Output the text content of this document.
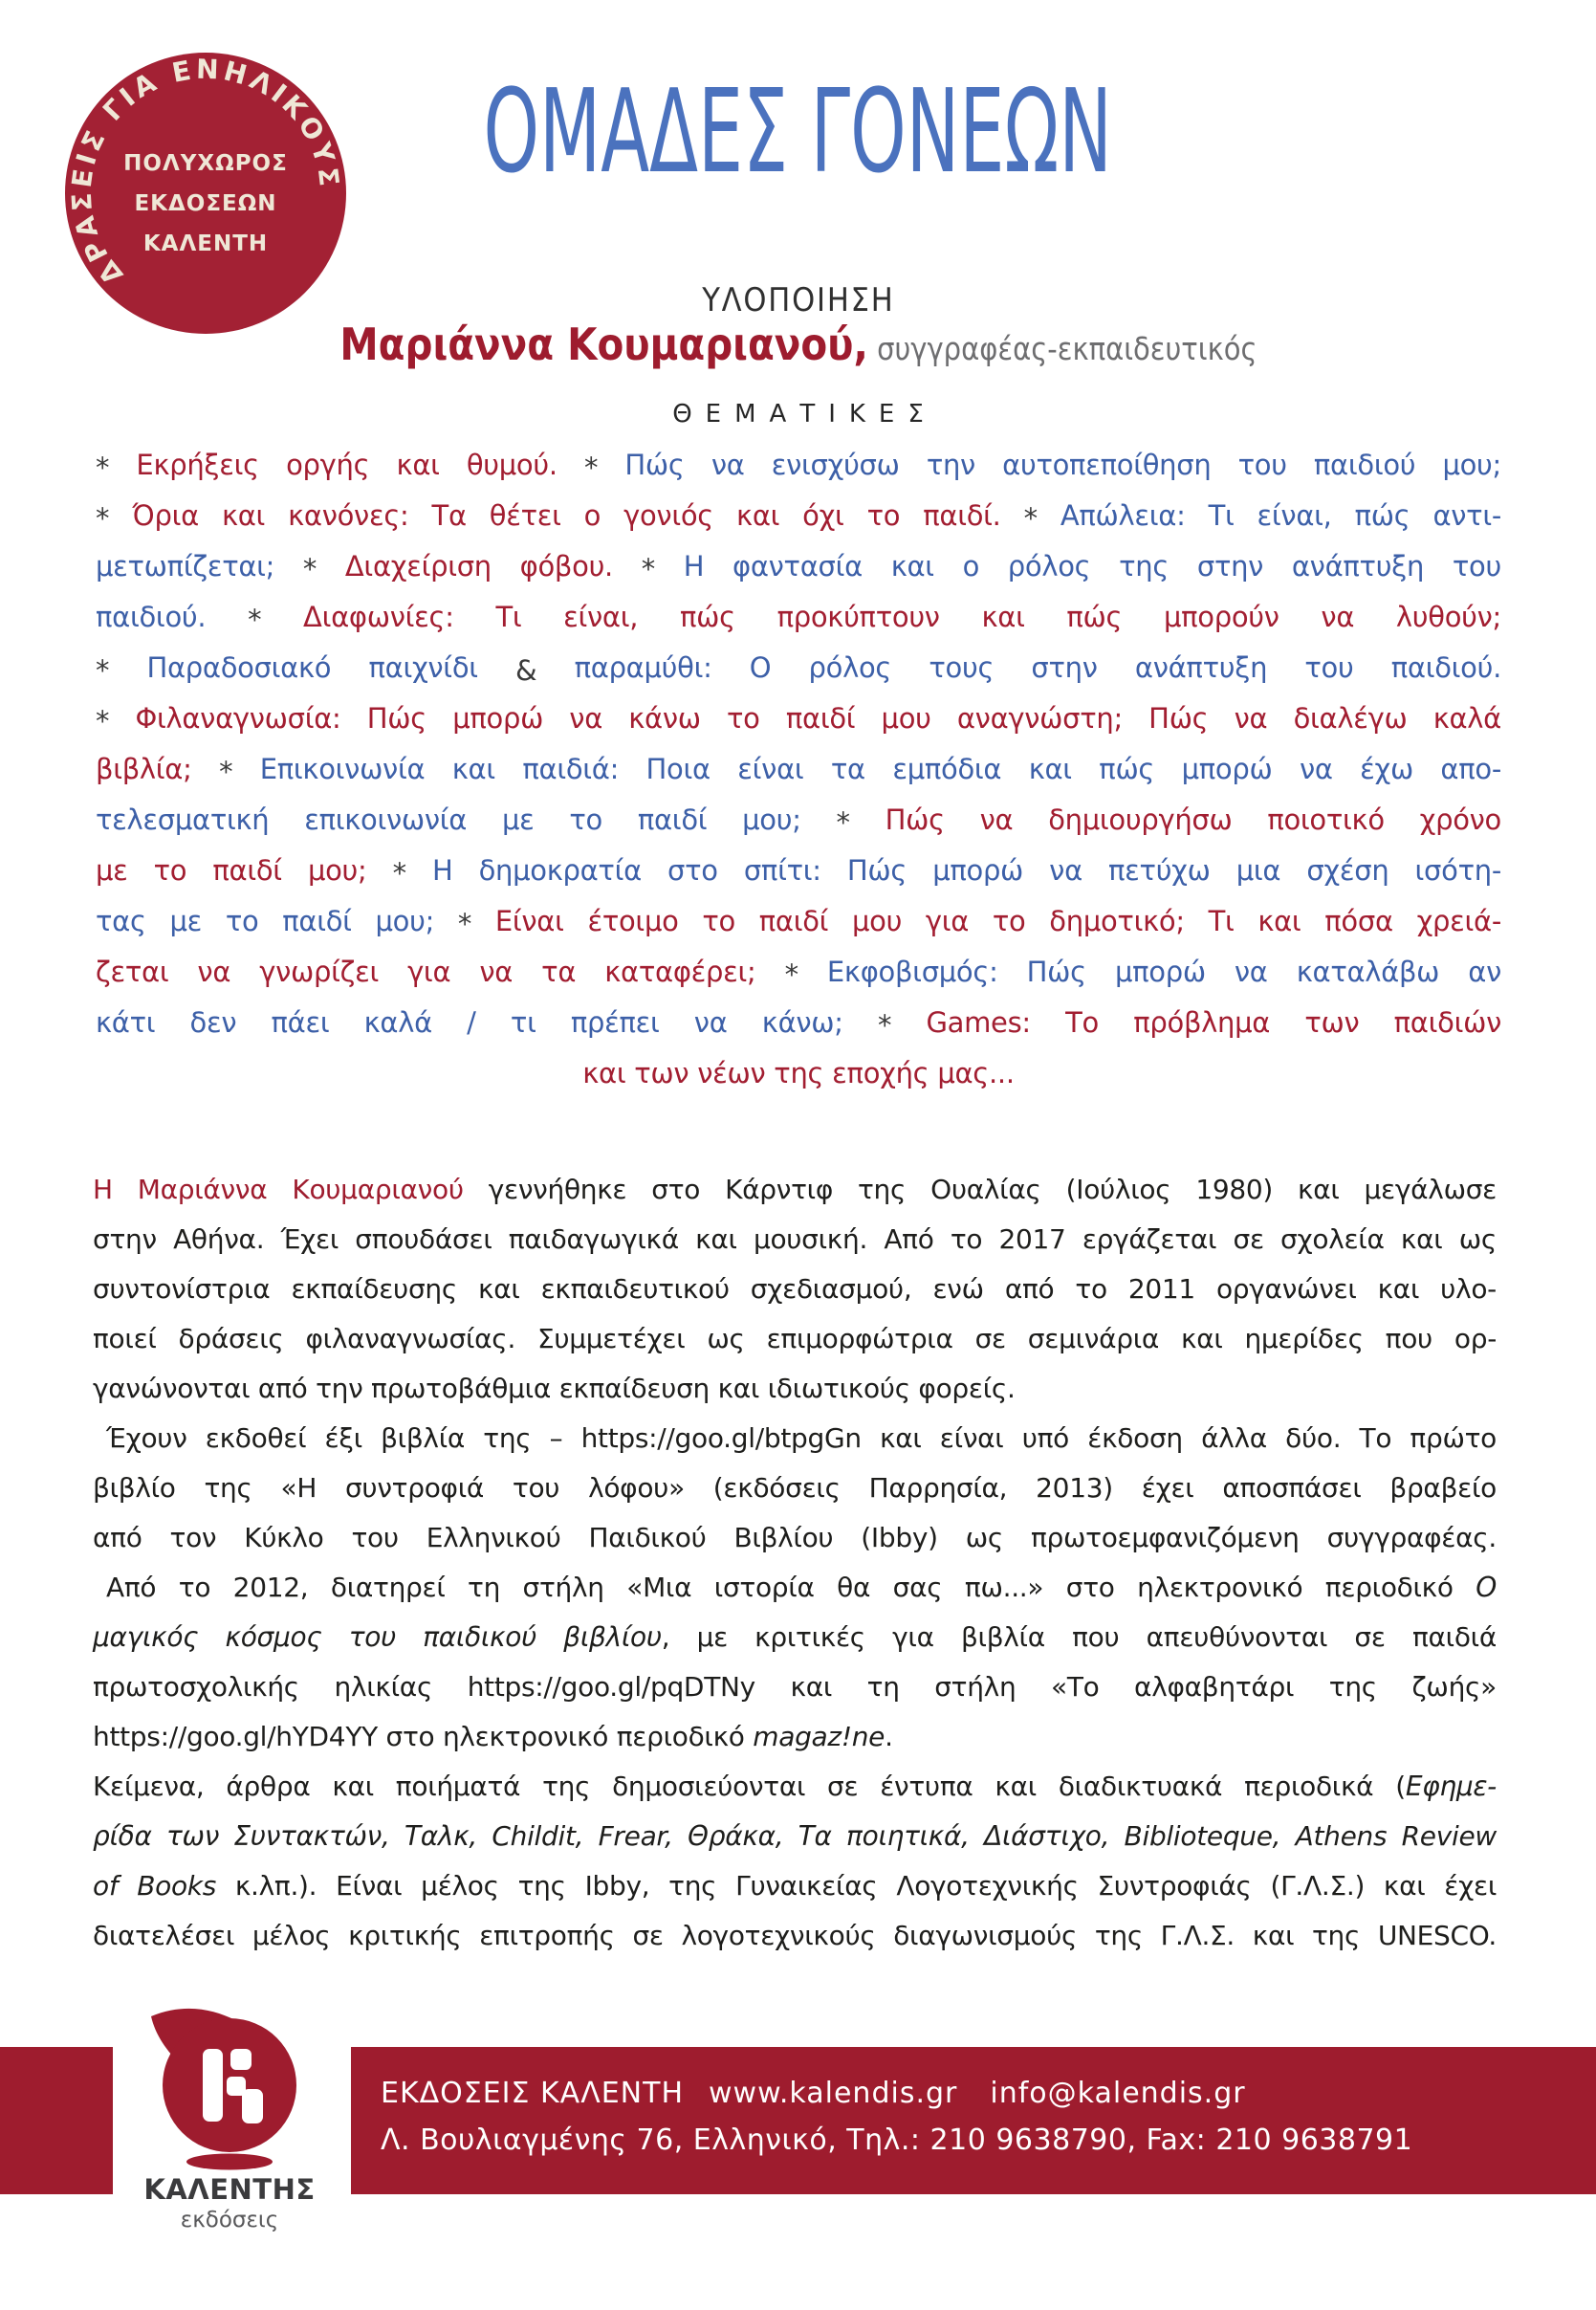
ΔΡΑΣΕΙΣ ΓΙΑ ΕΝΗΛΙΚΟΥΣ
ΠΟΛΥΧΩΡΟΣ
ΕΚΔΟΣΕΩΝ
ΚΑΛΕΝΤΗ
ΟΜΑΔΕΣ ΓΟΝΕΩΝ
ΥΛΟΠΟΙΗΣΗ
Μαριάννα Κουμαριανού, συγγραφέας-εκπαιδευτικός
ΘΕΜΑΤΙΚΕΣ
* Εκρήξεις οργής και θυμού. * Πώς να ενισχύσω την αυτοπεποίθηση του παιδιού μου;
* Όρια και κανόνες: Τα θέτει ο γονιός και όχι το παιδί. * Απώλεια: Τι είναι, πώς αντι-
μετωπίζεται; * Διαχείριση φόβου. * Η φαντασία και ο ρόλος της στην ανάπτυξη του
παιδιού. * Διαφωνίες: Τι είναι, πώς προκύπτουν και πώς μπορούν να λυθούν;
* Παραδοσιακό παιχνίδι & παραμύθι: Ο ρόλος τους στην ανάπτυξη του παιδιού.
* Φιλαναγνωσία: Πώς μπορώ να κάνω το παιδί μου αναγνώστη; Πώς να διαλέγω καλά
βιβλία; * Επικοινωνία και παιδιά: Ποια είναι τα εμπόδια και πώς μπορώ να έχω απο-
τελεσματική επικοινωνία με το παιδί μου; * Πώς να δημιουργήσω ποιοτικό χρόνο
με το παιδί μου; * Η δημοκρατία στο σπίτι: Πώς μπορώ να πετύχω μια σχέση ισότη-
τας με το παιδί μου; * Είναι έτοιμο το παιδί μου για το δημοτικό; Τι και πόσα χρειά-
ζεται να γνωρίζει για να τα καταφέρει; * Εκφοβισμός: Πώς μπορώ να καταλάβω αν
κάτι δεν πάει καλά / τι πρέπει να κάνω; * Games: Το πρόβλημα των παιδιών
και των νέων της εποχής μας...
Η Μαριάννα Κουμαριανού γεννήθηκε στο Κάρντιφ της Ουαλίας (Ιούλιος 1980) και μεγάλωσε
στην Αθήνα. Έχει σπουδάσει παιδαγωγικά και μουσική. Από το 2017 εργάζεται σε σχολεία και ως
συντονίστρια εκπαίδευσης και εκπαιδευτικού σχεδιασμού, ενώ από το 2011 οργανώνει και υλο-
ποιεί δράσεις φιλαναγνωσίας. Συμμετέχει ως επιμορφώτρια σε σεμινάρια και ημερίδες που ορ-
γανώνονται από την πρωτοβάθμια εκπαίδευση και ιδιωτικούς φορείς.
Έχουν εκδοθεί έξι βιβλία της – https://goo.gl/btpgGn και είναι υπό έκδοση άλλα δύο. Το πρώτο
βιβλίο της «Η συντροφιά του λόφου» (εκδόσεις Παρρησία, 2013) έχει αποσπάσει βραβείο
από τον Κύκλο του Ελληνικού Παιδικού Βιβλίου (Ibby) ως πρωτοεμφανιζόμενη συγγραφέας.
Από το 2012, διατηρεί τη στήλη «Μια ιστορία θα σας πω...» στο ηλεκτρονικό περιοδικό Ο
μαγικός κόσμος του παιδικού βιβλίου, με κριτικές για βιβλία που απευθύνονται σε παιδιά
πρωτοσχολικής ηλικίας https://goo.gl/pqDTNy και τη στήλη «Το αλφαβητάρι της ζωής»
https://goo.gl/hYD4YY στο ηλεκτρονικό περιοδικό magaz!ne.
Κείμενα, άρθρα και ποιήματά της δημοσιεύονται σε έντυπα και διαδικτυακά περιοδικά (Εφημε-
ρίδα των Συντακτών, Ταλκ, Childit, Frear, Θράκα, Τα ποιητικά, Διάστιχο, Biblioteque, Athens Review
of Books κ.λπ.). Είναι μέλος της Ibby, της Γυναικείας Λογοτεχνικής Συντροφιάς (Γ.Λ.Σ.) και έχει
διατελέσει μέλος κριτικής επιτροπής σε λογοτεχνικούς διαγωνισμούς της Γ.Λ.Σ. και της UNESCO.
ΕΚΔΟΣΕΙΣ ΚΑΛΕΝΤΗ www.kalendis.gr info@kalendis.gr
Λ. Βουλιαγμένης 76, Ελληνικό, Τηλ.: 210 9638790, Fax: 210 9638791
ΚΑΛΕΝΤΗΣ
εκδόσεις
